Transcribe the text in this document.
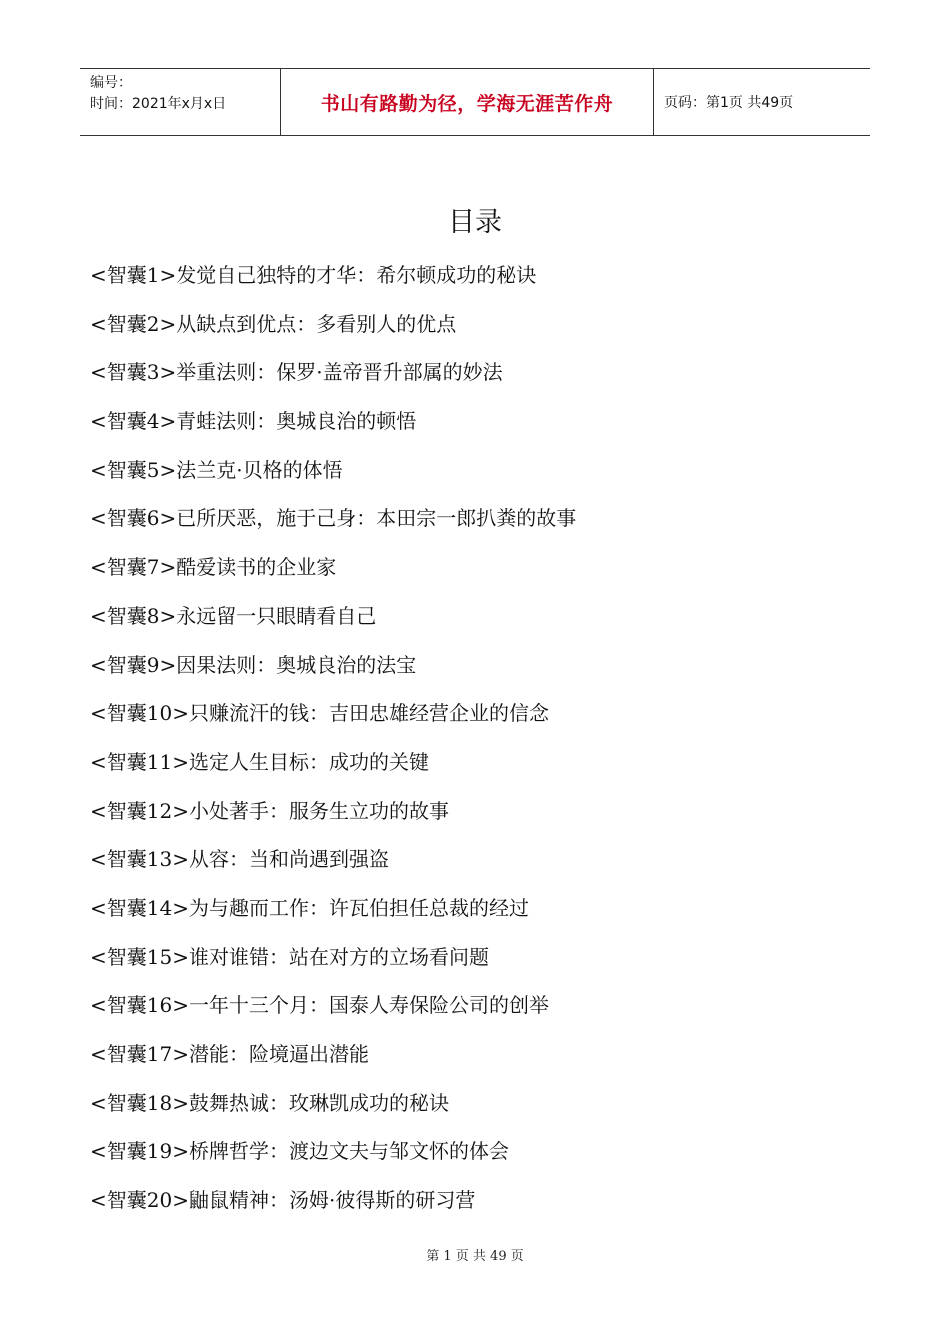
编号：
时间：2021年x月x日	书山有路勤为径，学海无涯苦作舟	页码：第1页 共49页
目录
<智囊1>发觉自己独特的才华：希尔顿成功的秘诀
<智囊2>从缺点到优点：多看别人的优点
<智囊3>举重法则：保罗·盖帝晋升部属的妙法
<智囊4>青蛙法则：奥城良治的顿悟
<智囊5>法兰克·贝格的体悟
<智囊6>已所厌恶，施于己身：本田宗一郎扒粪的故事
<智囊7>酷爱读书的企业家
<智囊8>永远留一只眼睛看自己
<智囊9>因果法则：奥城良治的法宝
<智囊10>只赚流汗的钱：吉田忠雄经营企业的信念
<智囊11>选定人生目标：成功的关键
<智囊12>小处著手：服务生立功的故事
<智囊13>从容：当和尚遇到强盗
<智囊14>为与趣而工作：许瓦伯担任总裁的经过
<智囊15>谁对谁错：站在对方的立场看问题
<智囊16>一年十三个月：国泰人寿保险公司的创举
<智囊17>潜能：险境逼出潜能
<智囊18>鼓舞热诚：玫琳凯成功的秘诀
<智囊19>桥牌哲学：渡边文夫与邹文怀的体会
<智囊20>鼬鼠精神：汤姆·彼得斯的研习营
第 1 页 共 49 页
